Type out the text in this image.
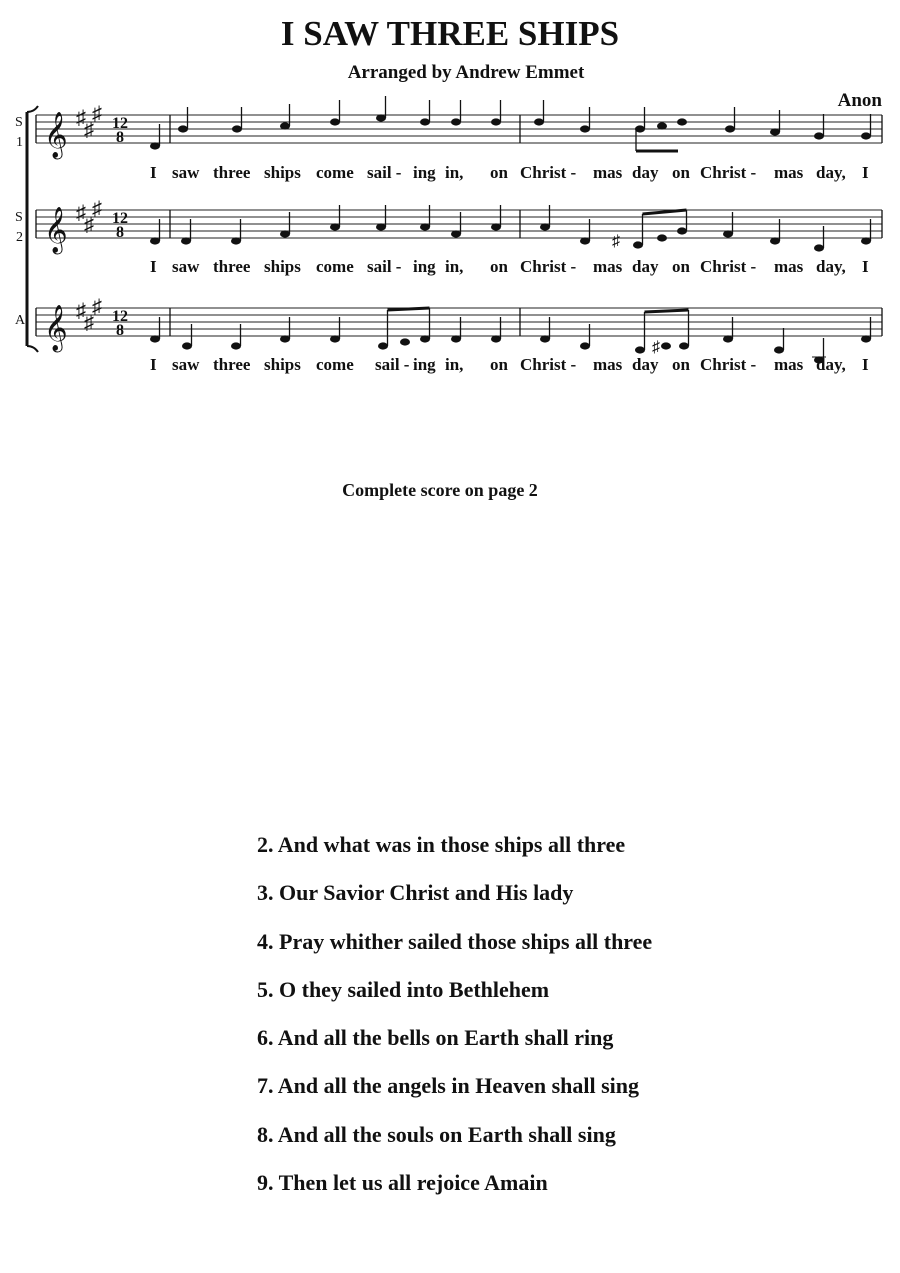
I SAW THREE SHIPS
Arranged by Andrew Emmet
Anon
S
1 𝄞 ♯
♯
♯ 12
8
I saw three ships come sail - ing in, on Christ - mas day on Christ - mas day, I
S
2 𝄞 ♯
♯
♯ 12
8
♯
I saw three ships come sail - ing in, on Christ - mas day on Christ - mas day, I
A 𝄞 ♯
♯
♯ 12
8
♯
I saw three ships come sail - ing in, on Christ - mas day on Christ - mas day, I
Complete score on page 2
2. And what was in those ships all three
3. Our Savior Christ and His lady
4. Pray whither sailed those ships all three
5. O they sailed into Bethlehem
6. And all the bells on Earth shall ring
7. And all the angels in Heaven shall sing
8. And all the souls on Earth shall sing
9. Then let us all rejoice Amain
